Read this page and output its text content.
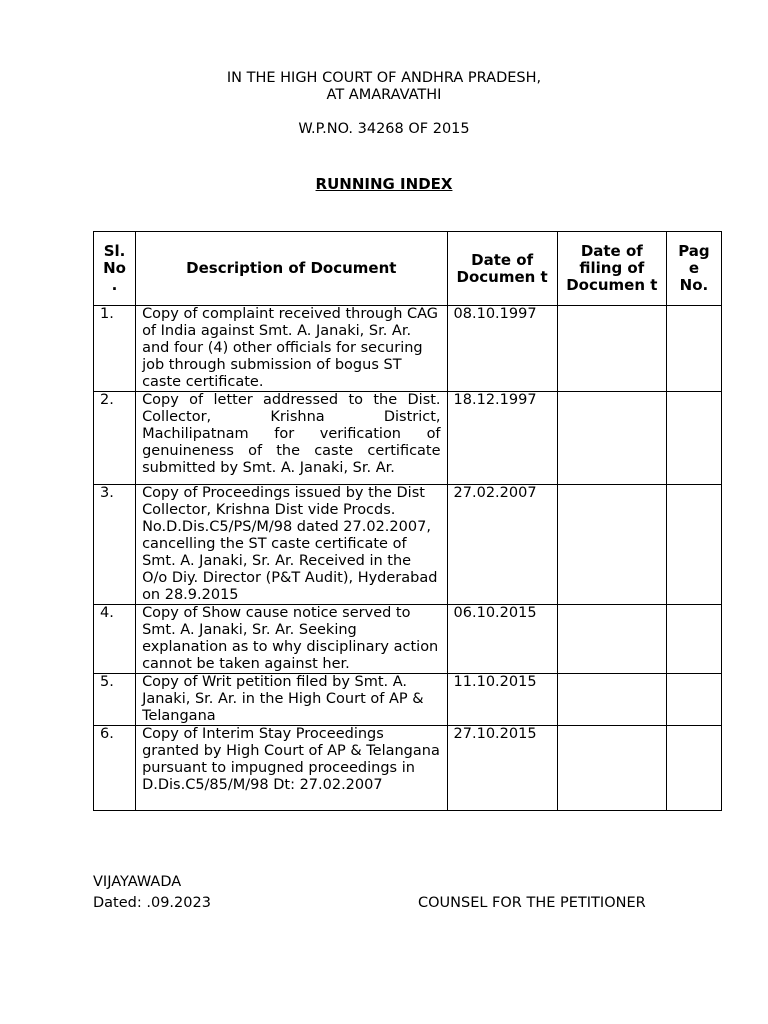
IN THE HIGH COURT OF ANDHRA PRADESH,
AT AMARAVATHI
W.P.NO. 34268 OF 2015
RUNNING INDEX
Sl. No .	Description of Document	Date of Documen t	Date of filing of Documen t	Pag e No.
1.	Copy of complaint received through CAG of India against Smt. A. Janaki, Sr. Ar. and four (4) other officials for securing job through submission of bogus ST caste certificate.	08.10.1997		
2.	Copy of letter addressed to the Dist. Collector, Krishna District, Machilipatnam for verification of genuineness of the caste certificate submitted by Smt. A. Janaki, Sr. Ar.	18.12.1997		
3.	Copy of Proceedings issued by the Dist Collector, Krishna Dist vide Procds. No.D.Dis.C5/PS/M/98 dated 27.02.2007, cancelling the ST caste certificate of Smt. A. Janaki, Sr. Ar. Received in the O/o Diy. Director (P&T Audit), Hyderabad on 28.9.2015	27.02.2007		
4.	Copy of Show cause notice served to Smt. A. Janaki, Sr. Ar. Seeking explanation as to why disciplinary action cannot be taken against her.	06.10.2015		
5.	Copy of Writ petition filed by Smt. A. Janaki, Sr. Ar. in the High Court of AP & Telangana	11.10.2015		
6.	Copy of Interim Stay Proceedings granted by High Court of AP & Telangana pursuant to impugned proceedings in D.Dis.C5/85/M/98 Dt: 27.02.2007	27.10.2015		
VIJAYAWADA
Dated: .09.2023	COUNSEL FOR THE PETITIONER
